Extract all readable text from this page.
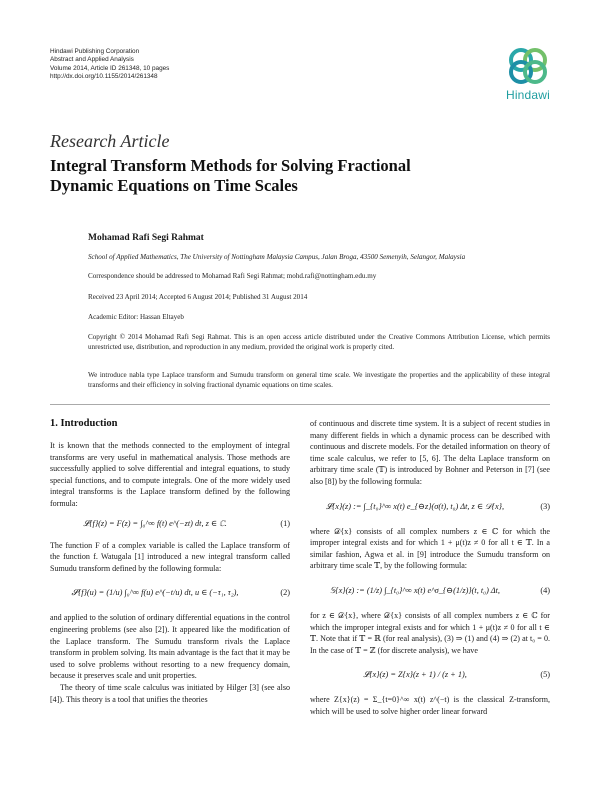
Hindawi Publishing Corporation
Abstract and Applied Analysis
Volume 2014, Article ID 261348, 10 pages
http://dx.doi.org/10.1155/2014/261348
Hindawi
Research Article
Integral Transform Methods for Solving Fractional
Dynamic Equations on Time Scales
Mohamad Rafi Segi Rahmat
School of Applied Mathematics, The University of Nottingham Malaysia Campus, Jalan Broga, 43500 Semenyih, Selangor, Malaysia
Correspondence should be addressed to Mohamad Rafi Segi Rahmat; mohd.rafi@nottingham.edu.my
Received 23 April 2014; Accepted 6 August 2014; Published 31 August 2014
Academic Editor: Hassan Eltayeb
Copyright © 2014 Mohamad Rafi Segi Rahmat. This is an open access article distributed under the Creative Commons Attribution License, which permits unrestricted use, distribution, and reproduction in any medium, provided the original work is properly cited.
We introduce nabla type Laplace transform and Sumudu transform on general time scale. We investigate the properties and the applicability of these integral transforms and their efficiency in solving fractional dynamic equations on time scales.
1. Introduction

It is known that the methods connected to the employment of integral transforms are very useful in mathematical analysis. Those methods are successfully applied to solve differential and integral equations, to study special functions, and to compute integrals. One of the more widely used integral transforms is the Laplace transform defined by the following formula:

𝓛{f}(z) = F(z) = ∫₀^∞ f(t) e^(−zt) dt, z ∈ ℂ.	(1)

The function F of a complex variable is called the Laplace transform of the function f. Watugala [1] introduced a new integral transform called Sumudu transform defined by the following formula:

𝓢{f}(u) = (1/u) ∫₀^∞ f(u) e^(−t/u) dt, u ∈ (−τ₁, τ₂),	(2)

and applied to the solution of ordinary differential equations in the control engineering problems (see also [2]). It appeared like the modification of the Laplace transform. The Sumudu transform rivals the Laplace transform in problem solving. Its main advantage is the fact that it may be used to solve problems without resorting to a new frequency domain, because it preserves scale and unit properties.

The theory of time scale calculus was initiated by Hilger [3] (see also [4]). This theory is a tool that unifies the theories

of continuous and discrete time system. It is a subject of recent studies in many different fields in which a dynamic process can be described with continuous and discrete models. For the detailed information on theory of time scale calculus, we refer to [5, 6]. The delta Laplace transform on arbitrary time scale (𝕋) is introduced by Bohner and Peterson in [7] (see also [8]) by the following formula:

𝓛{x}(z) := ∫_{t₀}^∞ x(t) e_{⊖z}(σ(t), t₀) Δt, z ∈ 𝒟{x},	(3)

where 𝒟{x} consists of all complex numbers z ∈ ℂ for which the improper integral exists and for which 1 + μ(t)z ≠ 0 for all t ∈ 𝕋. In a similar fashion, Agwa et al. in [9] introduce the Sumudu transform on arbitrary time scale 𝕋, by the following formula:

𝕊{x}(z) := (1/z) ∫_{t₀}^∞ x(t) e^σ_{⊖(1/z)}(t, t₀) Δt,	(4)

for z ∈ 𝒟{x}, where 𝒟{x} consists of all complex numbers z ∈ ℂ for which the improper integral exists and for which 1 + μ(t)z ≠ 0 for all t ∈ 𝕋. Note that if 𝕋 = ℝ (for real analysis), (3) ⇒ (1) and (4) ⇒ (2) at t₀ = 0. In the case of 𝕋 = ℤ (for discrete analysis), we have

𝓛{x}(z) = Z{x}(z + 1) / (z + 1),	(5)

where Z{x}(z) = Σ_{t=0}^∞ x(t) z^(−t) is the classical Z-transform, which will be used to solve higher order linear forward
